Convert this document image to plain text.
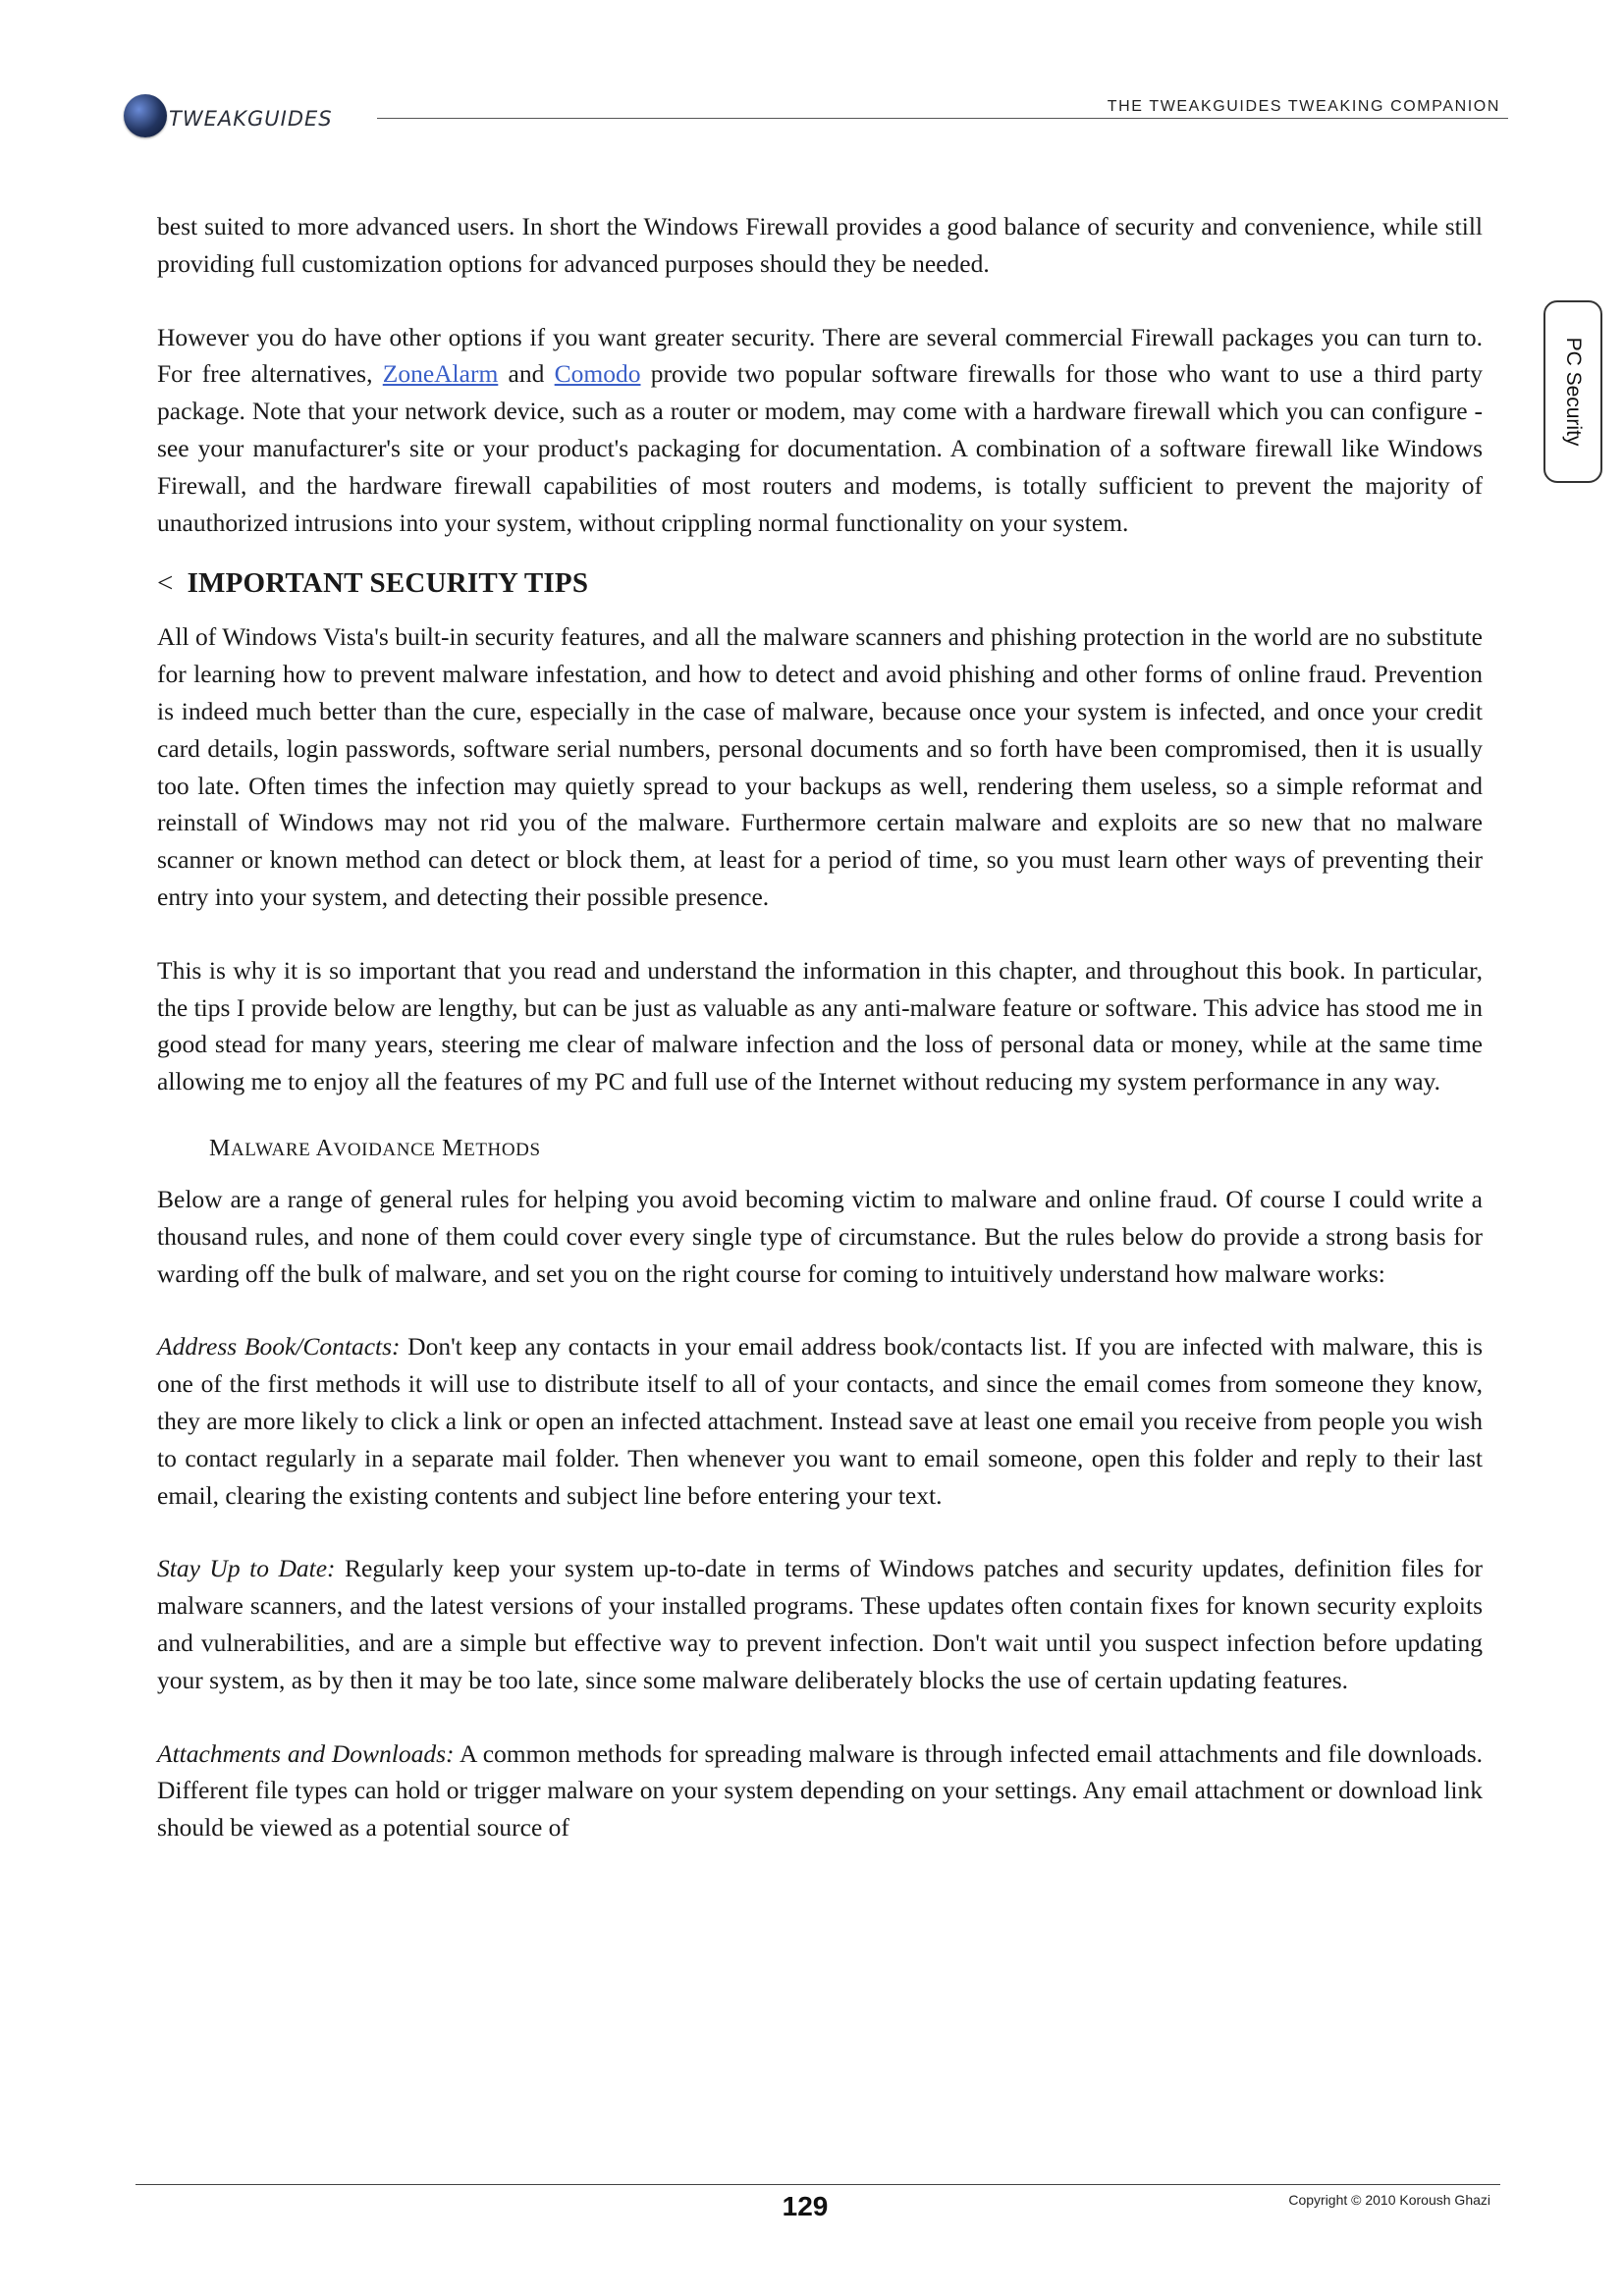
TWEAKGUIDES
THE TWEAKGUIDES TWEAKING COMPANION
PC Security

best suited to more advanced users. In short the Windows Firewall provides a good balance of security and convenience, while still providing full customization options for advanced purposes should they be needed.

However you do have other options if you want greater security. There are several commercial Firewall packages you can turn to. For free alternatives, ZoneAlarm and Comodo provide two popular software firewalls for those who want to use a third party package. Note that your network device, such as a router or modem, may come with a hardware firewall which you can configure - see your manufacturer's site or your product's packaging for documentation. A combination of a software firewall like Windows Firewall, and the hardware firewall capabilities of most routers and modems, is totally sufficient to prevent the majority of unauthorized intrusions into your system, without crippling normal functionality on your system.

< IMPORTANT SECURITY TIPS

All of Windows Vista's built-in security features, and all the malware scanners and phishing protection in the world are no substitute for learning how to prevent malware infestation, and how to detect and avoid phishing and other forms of online fraud. Prevention is indeed much better than the cure, especially in the case of malware, because once your system is infected, and once your credit card details, login passwords, software serial numbers, personal documents and so forth have been compromised, then it is usually too late. Often times the infection may quietly spread to your backups as well, rendering them useless, so a simple reformat and reinstall of Windows may not rid you of the malware. Furthermore certain malware and exploits are so new that no malware scanner or known method can detect or block them, at least for a period of time, so you must learn other ways of preventing their entry into your system, and detecting their possible presence.

This is why it is so important that you read and understand the information in this chapter, and throughout this book. In particular, the tips I provide below are lengthy, but can be just as valuable as any anti-malware feature or software. This advice has stood me in good stead for many years, steering me clear of malware infection and the loss of personal data or money, while at the same time allowing me to enjoy all the features of my PC and full use of the Internet without reducing my system performance in any way.

MALWARE AVOIDANCE METHODS

Below are a range of general rules for helping you avoid becoming victim to malware and online fraud. Of course I could write a thousand rules, and none of them could cover every single type of circumstance. But the rules below do provide a strong basis for warding off the bulk of malware, and set you on the right course for coming to intuitively understand how malware works:

Address Book/Contacts: Don't keep any contacts in your email address book/contacts list. If you are infected with malware, this is one of the first methods it will use to distribute itself to all of your contacts, and since the email comes from someone they know, they are more likely to click a link or open an infected attachment. Instead save at least one email you receive from people you wish to contact regularly in a separate mail folder. Then whenever you want to email someone, open this folder and reply to their last email, clearing the existing contents and subject line before entering your text.

Stay Up to Date: Regularly keep your system up-to-date in terms of Windows patches and security updates, definition files for malware scanners, and the latest versions of your installed programs. These updates often contain fixes for known security exploits and vulnerabilities, and are a simple but effective way to prevent infection. Don't wait until you suspect infection before updating your system, as by then it may be too late, since some malware deliberately blocks the use of certain updating features.

Attachments and Downloads: A common methods for spreading malware is through infected email attachments and file downloads. Different file types can hold or trigger malware on your system depending on your settings. Any email attachment or download link should be viewed as a potential source of

129	Copyright © 2010 Koroush Ghazi
